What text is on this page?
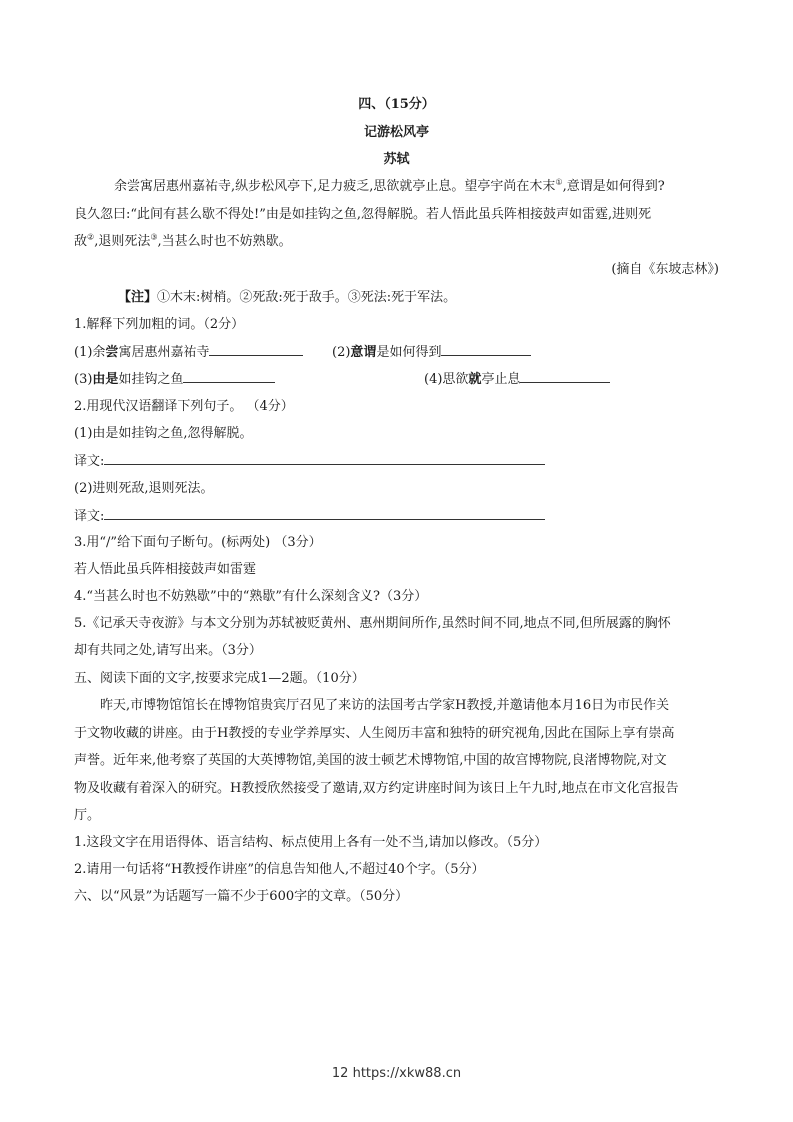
四、（15分）
记游松风亭
苏轼
余尝寓居惠州嘉祐寺,纵步松风亭下,足力疲乏,思欲就亭止息。望亭宇尚在木末①,意谓是如何得到?
良久忽曰:“此间有甚么歇不得处!”由是如挂钩之鱼,忽得解脱。若人悟此虽兵阵相接鼓声如雷霆,进则死
敌②,退则死法③,当甚么时也不妨熟歇。
(摘自《东坡志林》)
【注】①木末:树梢。②死敌:死于敌手。③死法:死于军法。
1.解释下列加粗的词。（2分）
(1)余尝寓居惠州嘉祐寺	(2)意谓是如何得到
(3)由是如挂钩之鱼	(4)思欲就亭止息
2.用现代汉语翻译下列句子。 （4分）
(1)由是如挂钩之鱼,忽得解脱。
译文:
(2)进则死敌,退则死法。
译文:
3.用“/”给下面句子断句。(标两处) （3分）
若人悟此虽兵阵相接鼓声如雷霆
4.“当甚么时也不妨熟歇”中的“熟歇”有什么深刻含义?（3分）
5.《记承天寺夜游》与本文分别为苏轼被贬黄州、惠州期间所作,虽然时间不同,地点不同,但所展露的胸怀
却有共同之处,请写出来。（3分）
五、阅读下面的文字,按要求完成1—2题。（10分）
昨天,市博物馆馆长在博物馆贵宾厅召见了来访的法国考古学家H教授,并邀请他本月16日为市民作关
于文物收藏的讲座。由于H教授的专业学养厚实、人生阅历丰富和独特的研究视角,因此在国际上享有崇高
声誉。近年来,他考察了英国的大英博物馆,美国的波士顿艺术博物馆,中国的故宫博物院,良渚博物院,对文
物及收藏有着深入的研究。H教授欣然接受了邀请,双方约定讲座时间为该日上午九时,地点在市文化宫报告
厅。
1.这段文字在用语得体、语言结构、标点使用上各有一处不当,请加以修改。（5分）
2.请用一句话将“H教授作讲座”的信息告知他人,不超过40个字。（5分）
六、以“风景”为话题写一篇不少于600字的文章。（50分）
12 https://xkw88.cn
